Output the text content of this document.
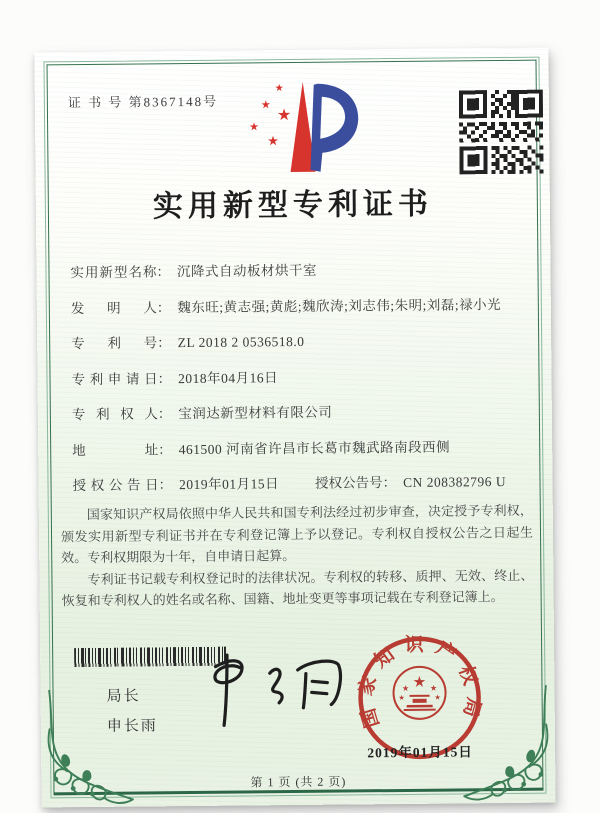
证 书 号 第8367148号
★
★
★
★
★
实用新型专利证书
实用新型名称： 沉降式自动板材烘干室
发明人： 魏东旺;黄志强;黄彪;魏欣涛;刘志伟;朱明;刘磊;禄小光
专利号： ZL 2018 2 0536518.0
专利申请日： 2018年04月16日
专利权人： 宝润达新型材料有限公司
地址： 461500 河南省许昌市长葛市魏武路南段西侧
授权公告日： 2019年01月15日	授权公告号： CN 208382796 U

国家知识产权局依照中华人民共和国专利法经过初步审查，决定授予专利权，颁发实用新型专利证书并在专利登记簿上予以登记。专利权自授权公告之日起生效。专利权期限为十年，自申请日起算。

专利证书记载专利权登记时的法律状况。专利权的转移、质押、无效、终止、恢复和专利权人的姓名或名称、国籍、地址变更等事项记载在专利登记簿上。

局长
申长雨	国家知识产权局
★
★	★
★	★
2019年01月15日
第 1 页 (共 2 页)
